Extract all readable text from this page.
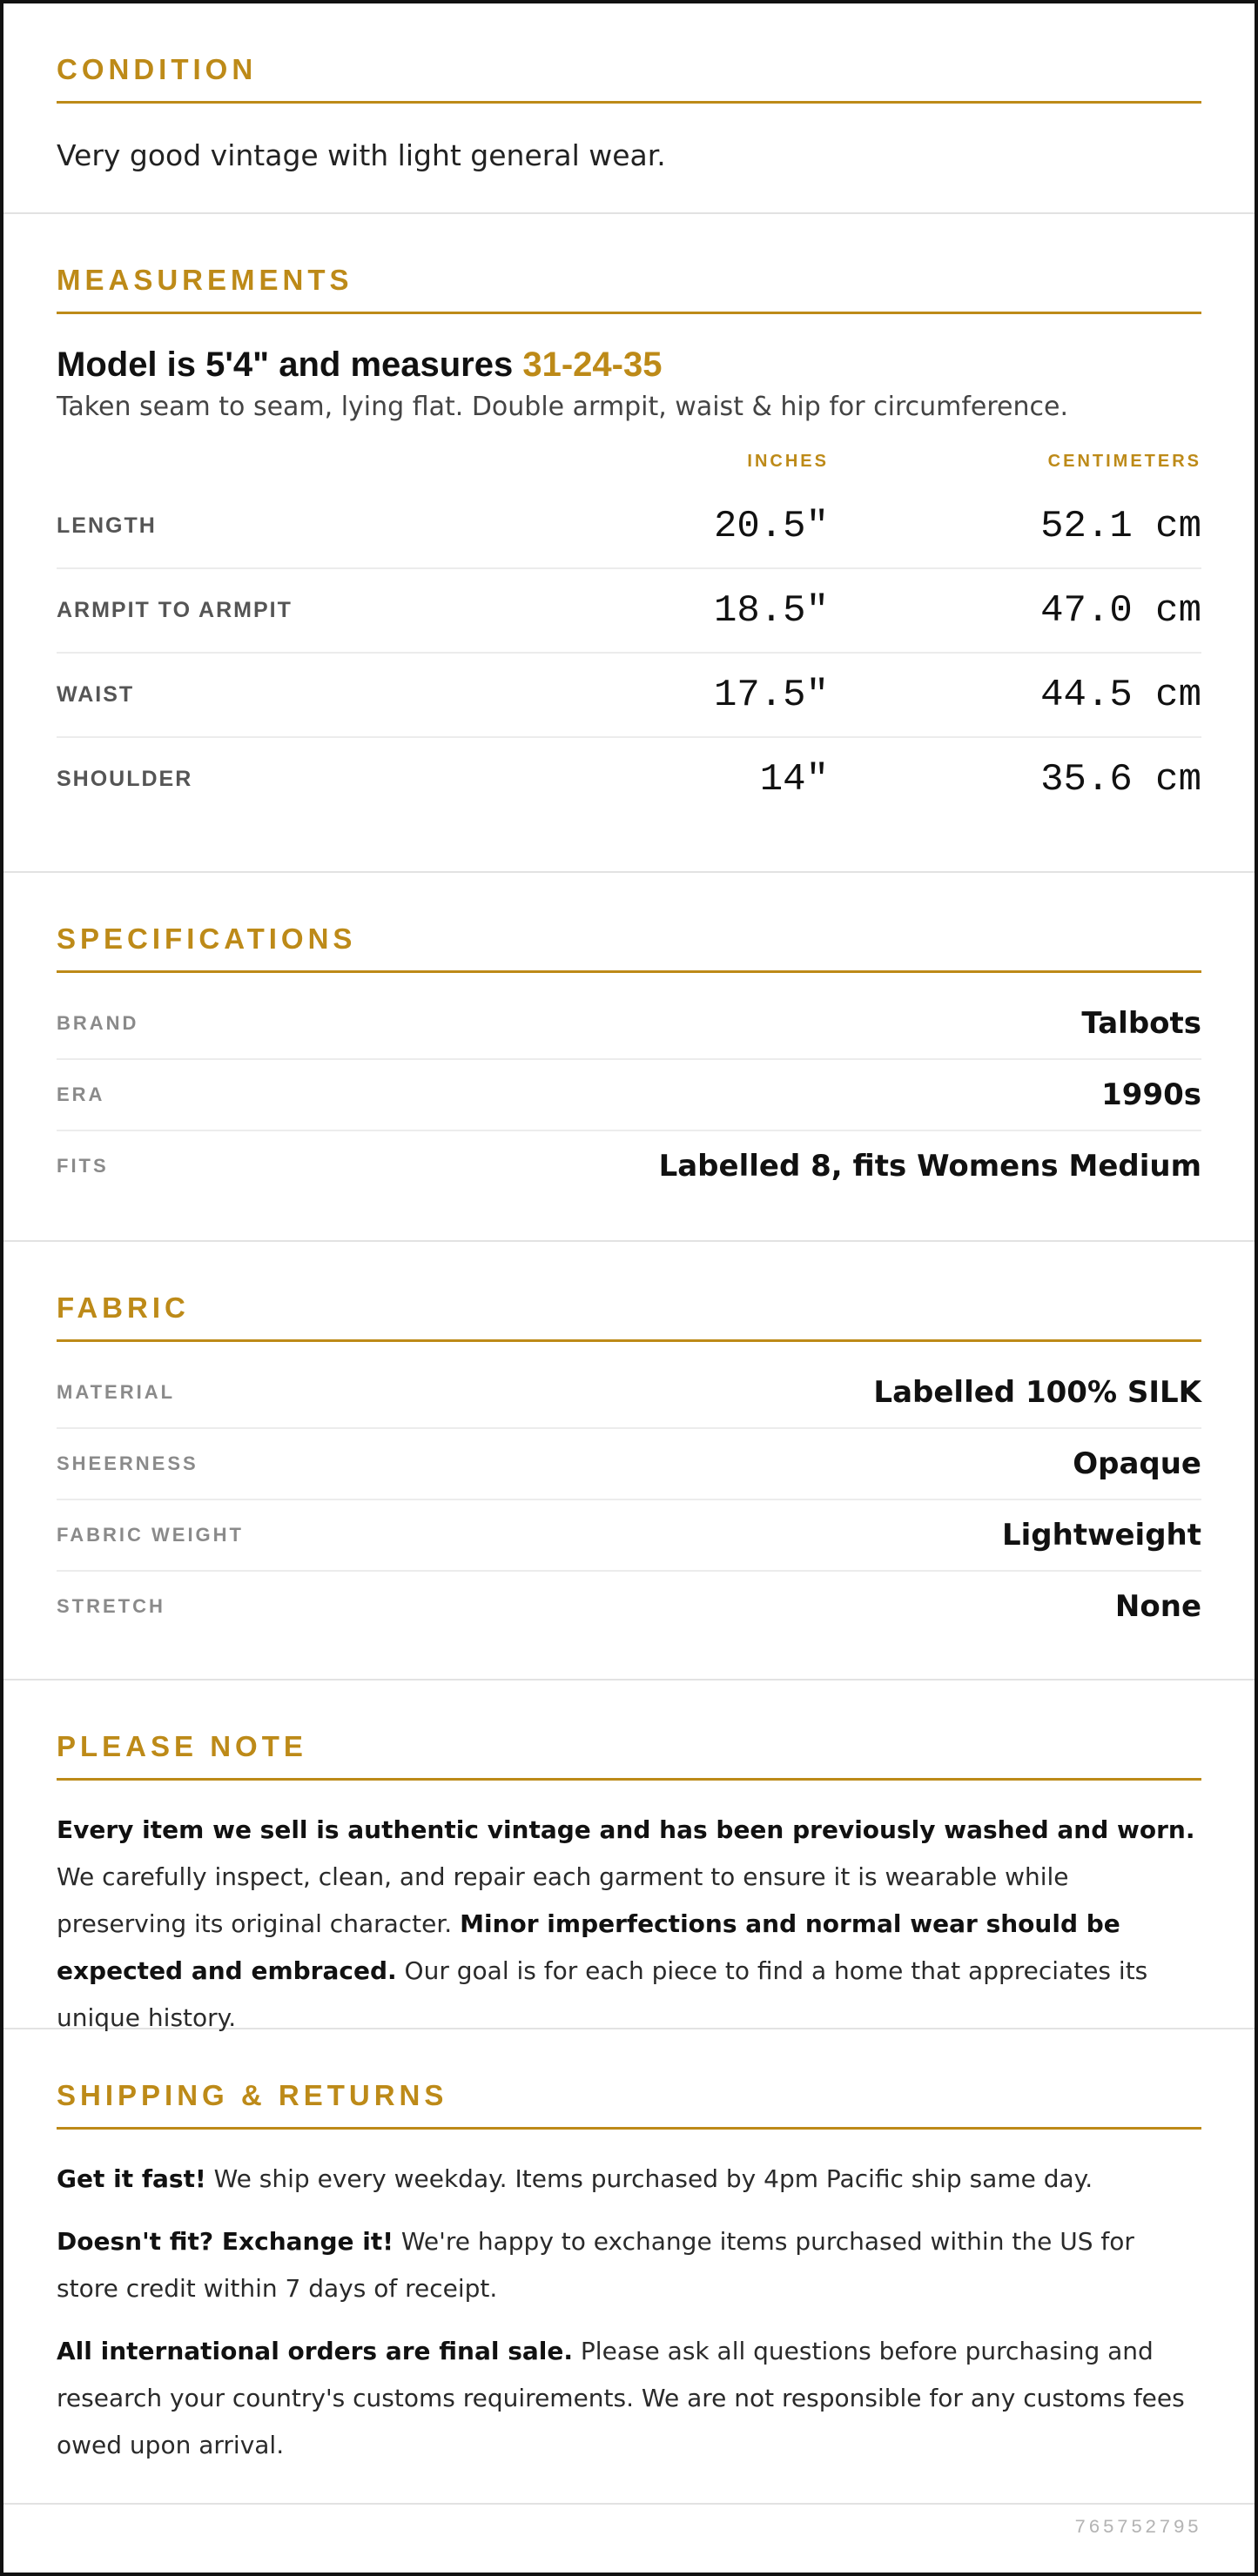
CONDITION
Very good vintage with light general wear.
MEASUREMENTS
Model is 5'4" and measures 31-24-35
Taken seam to seam, lying flat. Double armpit, waist & hip for circumference.
INCHES	CENTIMETERS
LENGTH	20.5"	52.1 cm
ARMPIT TO ARMPIT	18.5"	47.0 cm
WAIST	17.5"	44.5 cm
SHOULDER	14"	35.6 cm
SPECIFICATIONS
BRAND	Talbots
ERA	1990s
FITS	Labelled 8, fits Womens Medium
FABRIC
MATERIAL	Labelled 100% SILK
SHEERNESS	Opaque
FABRIC WEIGHT	Lightweight
STRETCH	None
PLEASE NOTE
Every item we sell is authentic vintage and has been previously washed and worn. We carefully inspect, clean, and repair each garment to ensure it is wearable while preserving its original character. Minor imperfections and normal wear should be expected and embraced. Our goal is for each piece to find a home that appreciates its unique history.
SHIPPING & RETURNS

Get it fast! We ship every weekday. Items purchased by 4pm Pacific ship same day.

Doesn't fit? Exchange it! We're happy to exchange items purchased within the US for store credit within 7 days of receipt.

All international orders are final sale. Please ask all questions before purchasing and research your country's customs requirements. We are not responsible for any customs fees owed upon arrival.

765752795
